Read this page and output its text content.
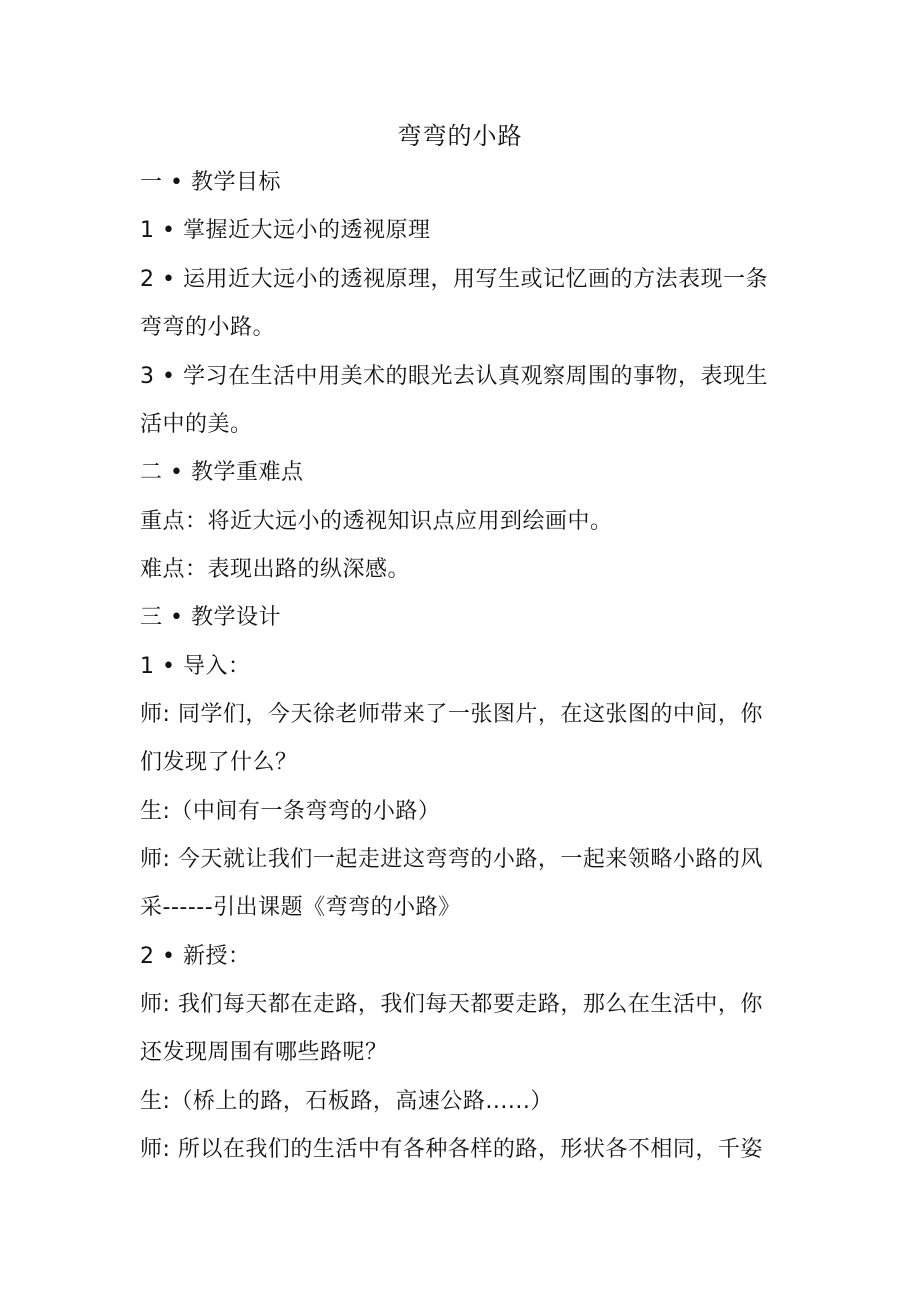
弯弯的小路
一 • 教学目标
1 • 掌握近大远小的透视原理
2 • 运用近大远小的透视原理，用写生或记忆画的方法表现一条
弯弯的小路。
3 • 学习在生活中用美术的眼光去认真观察周围的事物，表现生
活中的美。
二 • 教学重难点
重点：将近大远小的透视知识点应用到绘画中。
难点：表现出路的纵深感。
三 • 教学设计
1 • 导入：
师: 同学们，今天徐老师带来了一张图片，在这张图的中间，你
们发现了什么？
生:（中间有一条弯弯的小路）
师: 今天就让我们一起走进这弯弯的小路，一起来领略小路的风
采------引出课题《弯弯的小路》
2 • 新授：
师: 我们每天都在走路，我们每天都要走路，那么在生活中，你
还发现周围有哪些路呢？
生:（桥上的路，石板路，高速公路......）
师: 所以在我们的生活中有各种各样的路，形状各不相同，千姿
